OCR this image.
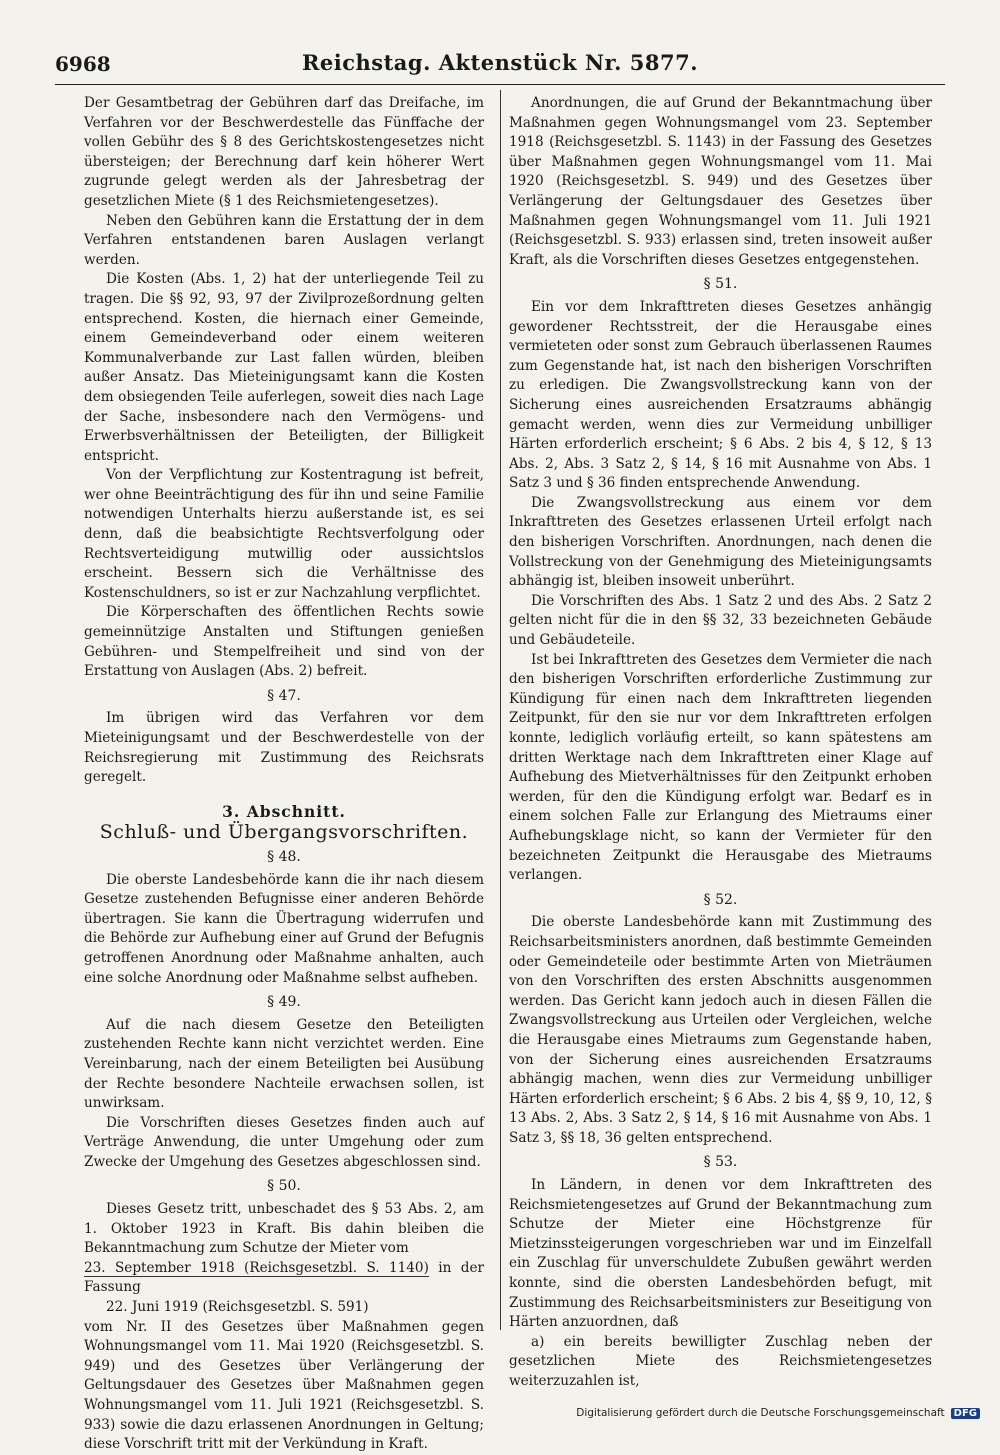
6968	Reichstag. Aktenstück Nr. 5877.

Der Gesamtbetrag der Gebühren darf das Dreifache, im Verfahren vor der Beschwerdestelle das Fünffache der vollen Gebühr des § 8 des Gerichtskostengesetzes nicht übersteigen; der Berechnung darf kein höherer Wert zugrunde gelegt werden als der Jahresbetrag der gesetzlichen Miete (§ 1 des Reichsmietengesetzes).

Neben den Gebühren kann die Erstattung der in dem Verfahren entstandenen baren Auslagen verlangt werden.

Die Kosten (Abs. 1, 2) hat der unterliegende Teil zu tragen. Die §§ 92, 93, 97 der Zivilprozeßordnung gelten entsprechend. Kosten, die hiernach einer Gemeinde, einem Gemeindeverband oder einem weiteren Kommunalverbande zur Last fallen würden, bleiben außer Ansatz. Das Mieteinigungsamt kann die Kosten dem obsiegenden Teile auferlegen, soweit dies nach Lage der Sache, insbesondere nach den Vermögens- und Erwerbsverhältnissen der Beteiligten, der Billigkeit entspricht.

Von der Verpflichtung zur Kostentragung ist befreit, wer ohne Beeinträchtigung des für ihn und seine Familie notwendigen Unterhalts hierzu außerstande ist, es sei denn, daß die beabsichtigte Rechtsverfolgung oder Rechtsverteidigung mutwillig oder aussichtslos erscheint. Bessern sich die Verhältnisse des Kostenschuldners, so ist er zur Nachzahlung verpflichtet.

Die Körperschaften des öffentlichen Rechts sowie gemeinnützige Anstalten und Stiftungen genießen Gebühren- und Stempelfreiheit und sind von der Erstattung von Auslagen (Abs. 2) befreit.

§ 47.

Im übrigen wird das Verfahren vor dem Mieteinigungsamt und der Beschwerdestelle von der Reichsregierung mit Zustimmung des Reichsrats geregelt.

3. Abschnitt.
Schluß- und Übergangsvorschriften.
§ 48.

Die oberste Landesbehörde kann die ihr nach diesem Gesetze zustehenden Befugnisse einer anderen Behörde übertragen. Sie kann die Übertragung widerrufen und die Behörde zur Aufhebung einer auf Grund der Befugnis getroffenen Anordnung oder Maßnahme anhalten, auch eine solche Anordnung oder Maßnahme selbst aufheben.

§ 49.

Auf die nach diesem Gesetze den Beteiligten zustehenden Rechte kann nicht verzichtet werden. Eine Vereinbarung, nach der einem Beteiligten bei Ausübung der Rechte besondere Nachteile erwachsen sollen, ist unwirksam.

Die Vorschriften dieses Gesetzes finden auch auf Verträge Anwendung, die unter Umgehung oder zum Zwecke der Umgehung des Gesetzes abgeschlossen sind.

§ 50.

Dieses Gesetz tritt, unbeschadet des § 53 Abs. 2, am 1. Oktober 1923 in Kraft. Bis dahin bleiben die Bekanntmachung zum Schutze der Mieter vom

23. September 1918 (Reichsgesetzbl. S. 1140) in der Fassung

22. Juni 1919 (Reichsgesetzbl. S. 591)

vom Nr. II des Gesetzes über Maßnahmen gegen Wohnungsmangel vom 11. Mai 1920 (Reichsgesetzbl. S. 949) und des Gesetzes über Verlängerung der Geltungsdauer des Gesetzes über Maßnahmen gegen Wohnungsmangel vom 11. Juli 1921 (Reichsgesetzbl. S. 933) sowie die dazu erlassenen Anordnungen in Geltung; diese Vorschrift tritt mit der Verkündung in Kraft.

Anordnungen, die auf Grund der Bekanntmachung über Maßnahmen gegen Wohnungsmangel vom 23. September 1918 (Reichsgesetzbl. S. 1143) in der Fassung des Gesetzes über Maßnahmen gegen Wohnungsmangel vom 11. Mai 1920 (Reichsgesetzbl. S. 949) und des Gesetzes über Verlängerung der Geltungsdauer des Gesetzes über Maßnahmen gegen Wohnungsmangel vom 11. Juli 1921 (Reichsgesetzbl. S. 933) erlassen sind, treten insoweit außer Kraft, als die Vorschriften dieses Gesetzes entgegenstehen.

§ 51.

Ein vor dem Inkrafttreten dieses Gesetzes anhängig gewordener Rechtsstreit, der die Herausgabe eines vermieteten oder sonst zum Gebrauch überlassenen Raumes zum Gegenstande hat, ist nach den bisherigen Vorschriften zu erledigen. Die Zwangsvollstreckung kann von der Sicherung eines ausreichenden Ersatzraums abhängig gemacht werden, wenn dies zur Vermeidung unbilliger Härten erforderlich erscheint; § 6 Abs. 2 bis 4, § 12, § 13 Abs. 2, Abs. 3 Satz 2, § 14, § 16 mit Ausnahme von Abs. 1 Satz 3 und § 36 finden entsprechende Anwendung.

Die Zwangsvollstreckung aus einem vor dem Inkrafttreten des Gesetzes erlassenen Urteil erfolgt nach den bisherigen Vorschriften. Anordnungen, nach denen die Vollstreckung von der Genehmigung des Mieteinigungsamts abhängig ist, bleiben insoweit unberührt.

Die Vorschriften des Abs. 1 Satz 2 und des Abs. 2 Satz 2 gelten nicht für die in den §§ 32, 33 bezeichneten Gebäude und Gebäudeteile.

Ist bei Inkrafttreten des Gesetzes dem Vermieter die nach den bisherigen Vorschriften erforderliche Zustimmung zur Kündigung für einen nach dem Inkrafttreten liegenden Zeitpunkt, für den sie nur vor dem Inkrafttreten erfolgen konnte, lediglich vorläufig erteilt, so kann spätestens am dritten Werktage nach dem Inkrafttreten einer Klage auf Aufhebung des Mietverhältnisses für den Zeitpunkt erhoben werden, für den die Kündigung erfolgt war. Bedarf es in einem solchen Falle zur Erlangung des Mietraums einer Aufhebungsklage nicht, so kann der Vermieter für den bezeichneten Zeitpunkt die Herausgabe des Mietraums verlangen.

§ 52.

Die oberste Landesbehörde kann mit Zustimmung des Reichsarbeitsministers anordnen, daß bestimmte Gemeinden oder Gemeindeteile oder bestimmte Arten von Mieträumen von den Vorschriften des ersten Abschnitts ausgenommen werden. Das Gericht kann jedoch auch in diesen Fällen die Zwangsvollstreckung aus Urteilen oder Vergleichen, welche die Herausgabe eines Mietraums zum Gegenstande haben, von der Sicherung eines ausreichenden Ersatzraums abhängig machen, wenn dies zur Vermeidung unbilliger Härten erforderlich erscheint; § 6 Abs. 2 bis 4, §§ 9, 10, 12, § 13 Abs. 2, Abs. 3 Satz 2, § 14, § 16 mit Ausnahme von Abs. 1 Satz 3, §§ 18, 36 gelten entsprechend.

§ 53.

In Ländern, in denen vor dem Inkrafttreten des Reichsmietengesetzes auf Grund der Bekanntmachung zum Schutze der Mieter eine Höchstgrenze für Mietzinssteigerungen vorgeschrieben war und im Einzelfall ein Zuschlag für unverschuldete Zubußen gewährt werden konnte, sind die obersten Landesbehörden befugt, mit Zustimmung des Reichsarbeitsministers zur Beseitigung von Härten anzuordnen, daß

a) ein bereits bewilligter Zuschlag neben der gesetzlichen Miete des Reichsmietengesetzes weiterzuzahlen ist,

Digitalisierung gefördert durch die Deutsche Forschungsgemeinschaft DFG
